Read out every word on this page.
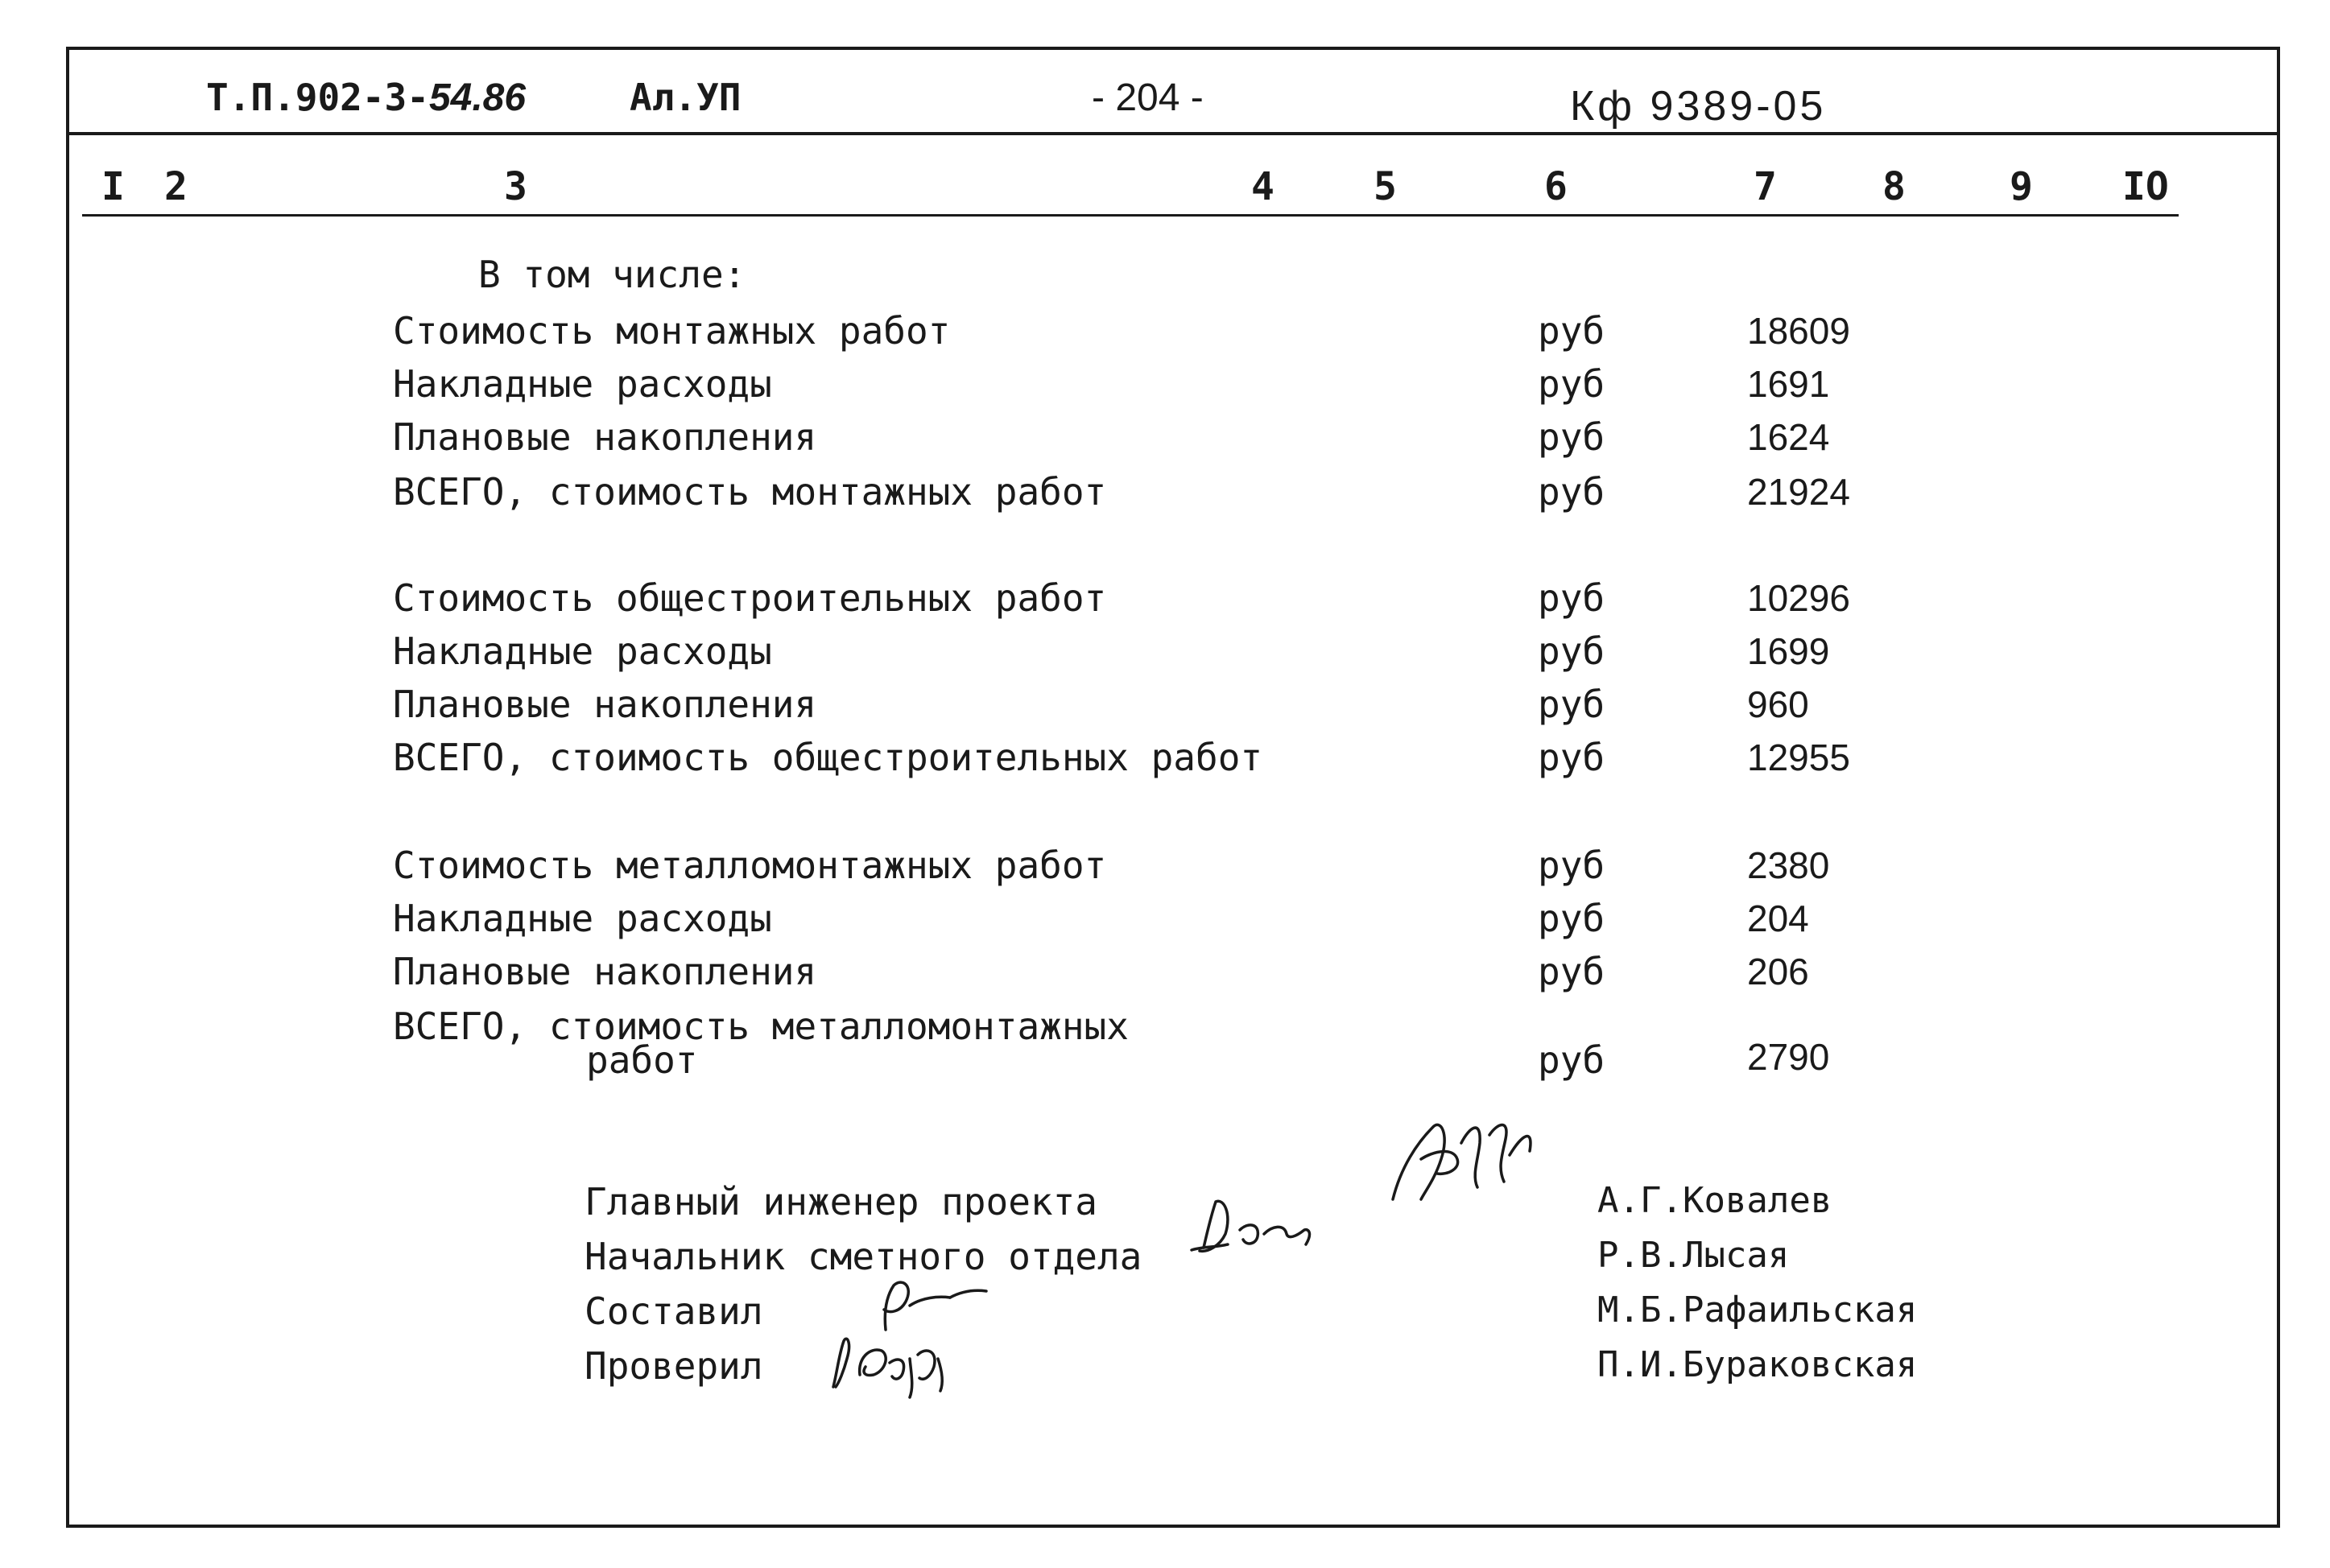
Т.П.902-3-54.86	Ал.УП	- 204 -	Кф 9389-05
I 2	3	4	5	6	7	8	9 IO
В том числе:
Стоимость монтажных работ	руб	18609
Накладные расходы	руб	1691
Плановые накопления	руб	1624
ВСЕГО, стоимость монтажных работ	руб	21924
Стоимость общестроительных работ	руб	10296
Накладные расходы	руб	1699
Плановые накопления	руб	960
ВСЕГО, стоимость общестроительных работ	руб	12955
Стоимость металломонтажных работ	руб	2380
Накладные расходы	руб	204
Плановые накопления	руб	206
ВСЕГО, стоимость металломонтажных
работ	руб	2790
Главный инженер проекта
Начальник сметного отдела
Составил
Проверил
А.Г.Ковалев
Р.В.Лысая
М.Б.Рафаильская
П.И.Бураковская
